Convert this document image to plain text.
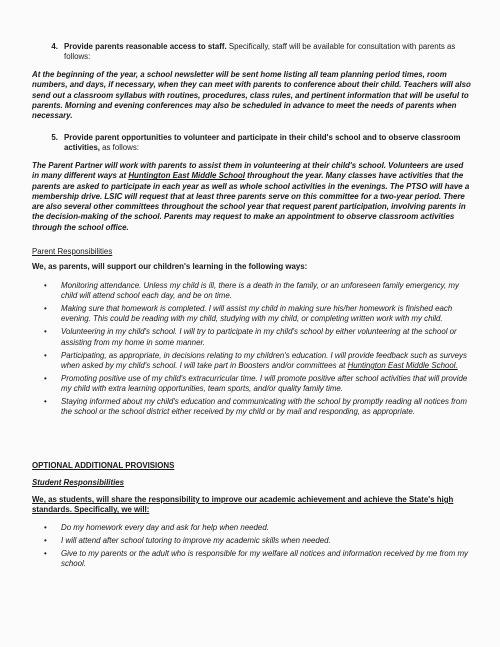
4. Provide parents reasonable access to staff. Specifically, staff will be available for consultation with parents as follows:
At the beginning of the year, a school newsletter will be sent home listing all team planning period times, room numbers, and days, if necessary, when they can meet with parents to conference about their child. Teachers will also send out a classroom syllabus with routines, procedures, class rules, and pertinent information that will be useful to parents. Morning and evening conferences may also be scheduled in advance to meet the needs of parents when necessary.
5. Provide parent opportunities to volunteer and participate in their child's school and to observe classroom activities, as follows:
The Parent Partner will work with parents to assist them in volunteering at their child's school. Volunteers are used in many different ways at Huntington East Middle School throughout the year. Many classes have activities that the parents are asked to participate in each year as well as whole school activities in the evenings. The PTSO will have a membership drive. LSIC will request that at least three parents serve on this committee for a two-year period. There are also several other committees throughout the school year that request parent participation, involving parents in the decision-making of the school. Parents may request to make an appointment to observe classroom activities through the school office.
Parent Responsibilities
We, as parents, will support our children's learning in the following ways:
• Monitoring attendance. Unless my child is ill, there is a death in the family, or an unforeseen family emergency, my child will attend school each day, and be on time.
• Making sure that homework is completed. I will assist my child in making sure his/her homework is finished each evening. This could be reading with my child, studying with my child, or completing written work with my child.
• Volunteering in my child's school. I will try to participate in my child's school by either volunteering at the school or assisting from my home in some manner.
• Participating, as appropriate, in decisions relating to my children's education. I will provide feedback such as surveys when asked by my child's school. I will take part in Boosters and/or committees at Huntington East Middle School.
• Promoting positive use of my child's extracurricular time. I will promote positive after school activities that will provide my child with extra learning opportunities, team sports, and/or quality family time.
• Staying informed about my child's education and communicating with the school by promptly reading all notices from the school or the school district either received by my child or by mail and responding, as appropriate.
OPTIONAL ADDITIONAL PROVISIONS
Student Responsibilities
We, as students, will share the responsibility to improve our academic achievement and achieve the State's high standards. Specifically, we will:
• Do my homework every day and ask for help when needed.
• I will attend after school tutoring to improve my academic skills when needed.
• Give to my parents or the adult who is responsible for my welfare all notices and information received by me from my school.
